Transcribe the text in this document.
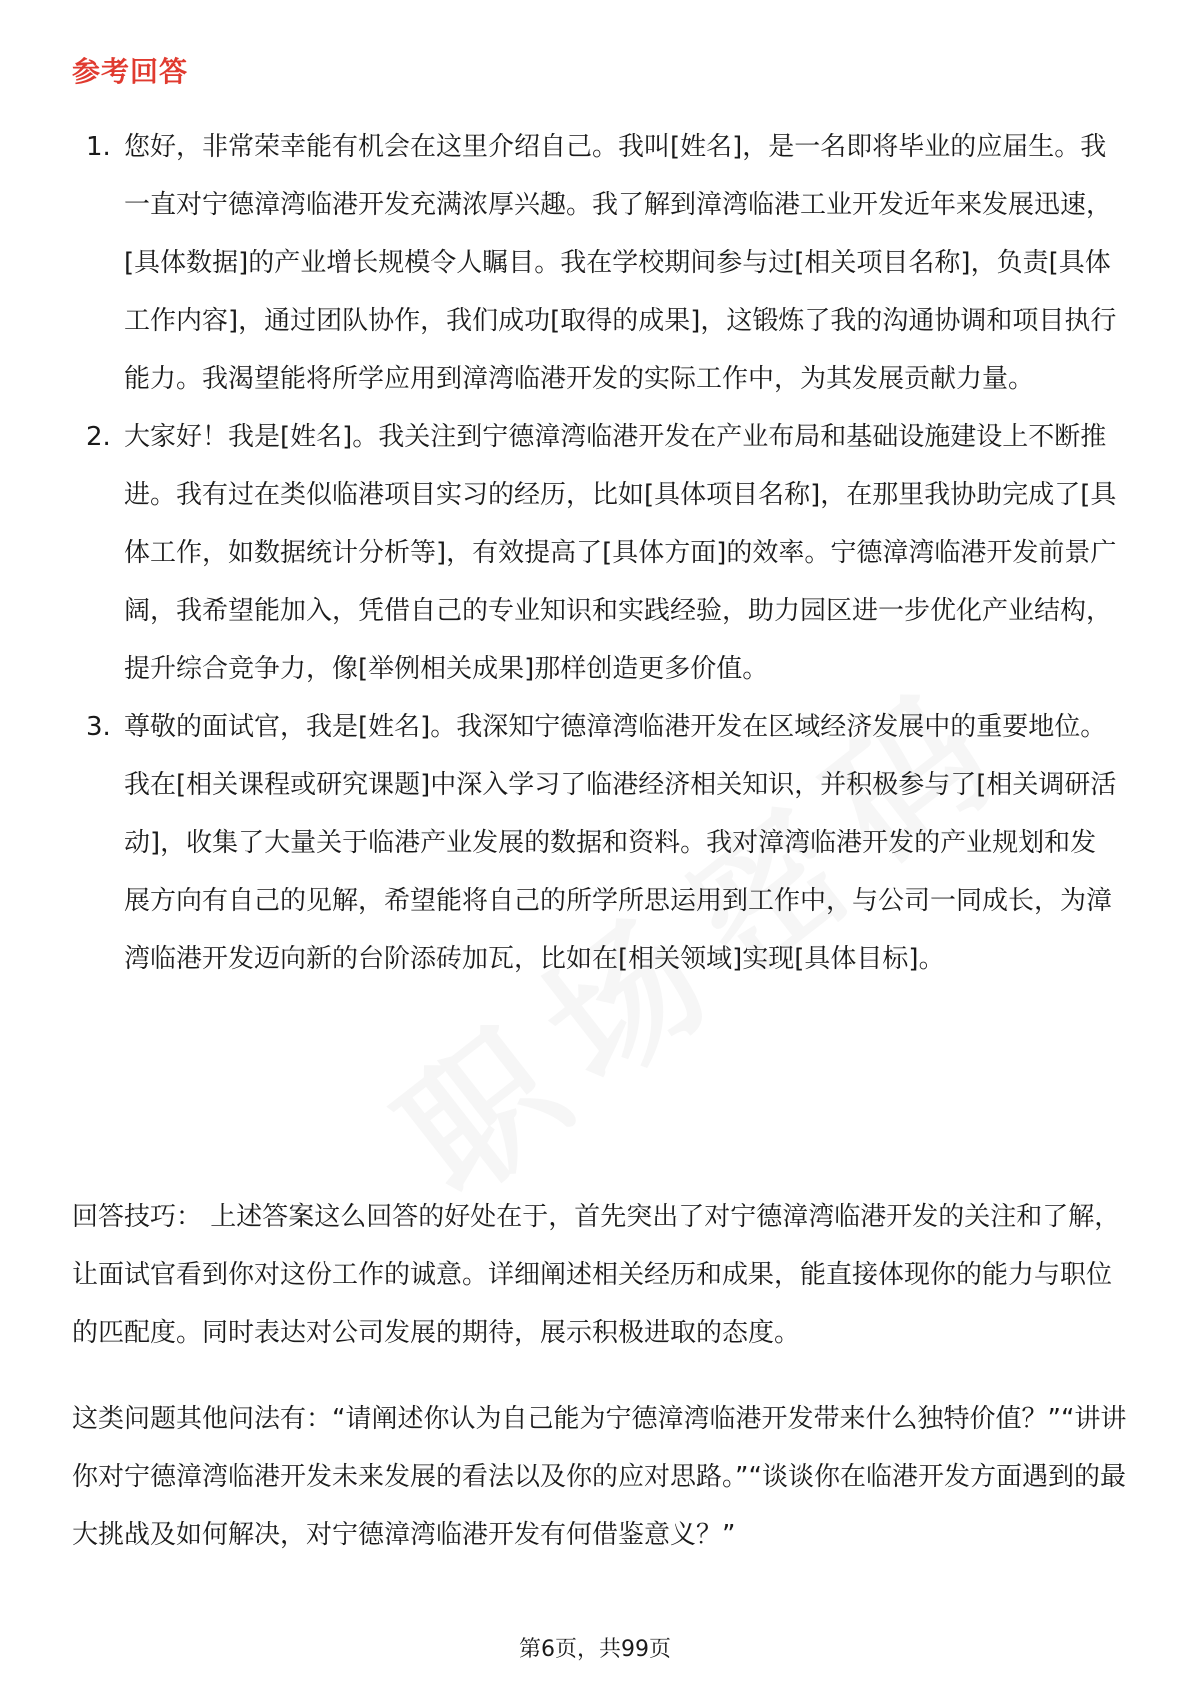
参考回答
1. 您好，非常荣幸能有机会在这里介绍自己。我叫[姓名]，是一名即将毕业的应届生。我一直对宁德漳湾临港开发充满浓厚兴趣。我了解到漳湾临港工业开发近年来发展迅速，[具体数据]的产业增长规模令人瞩目。我在学校期间参与过[相关项目名称]，负责[具体工作内容]，通过团队协作，我们成功[取得的成果]，这锻炼了我的沟通协调和项目执行能力。我渴望能将所学应用到漳湾临港开发的实际工作中，为其发展贡献力量。
2. 大家好！我是[姓名]。我关注到宁德漳湾临港开发在产业布局和基础设施建设上不断推进。我有过在类似临港项目实习的经历，比如[具体项目名称]，在那里我协助完成了[具体工作，如数据统计分析等]，有效提高了[具体方面]的效率。宁德漳湾临港开发前景广阔，我希望能加入，凭借自己的专业知识和实践经验，助力园区进一步优化产业结构，提升综合竞争力，像[举例相关成果]那样创造更多价值。
3. 尊敬的面试官，我是[姓名]。我深知宁德漳湾临港开发在区域经济发展中的重要地位。我在[相关课程或研究课题]中深入学习了临港经济相关知识，并积极参与了[相关调研活动]，收集了大量关于临港产业发展的数据和资料。我对漳湾临港开发的产业规划和发展方向有自己的见解，希望能将自己的所学所思运用到工作中，与公司一同成长，为漳湾临港开发迈向新的台阶添砖加瓦，比如在[相关领域]实现[具体目标]。

回答技巧： 上述答案这么回答的好处在于，首先突出了对宁德漳湾临港开发的关注和了解，让面试官看到你对这份工作的诚意。详细阐述相关经历和成果，能直接体现你的能力与职位的匹配度。同时表达对公司发展的期待，展示积极进取的态度。

这类问题其他问法有：“请阐述你认为自己能为宁德漳湾临港开发带来什么独特价值？”“讲讲你对宁德漳湾临港开发未来发展的看法以及你的应对思路。”“谈谈你在临港开发方面遇到的最大挑战及如何解决，对宁德漳湾临港开发有何借鉴意义？”

第6页，共99页
